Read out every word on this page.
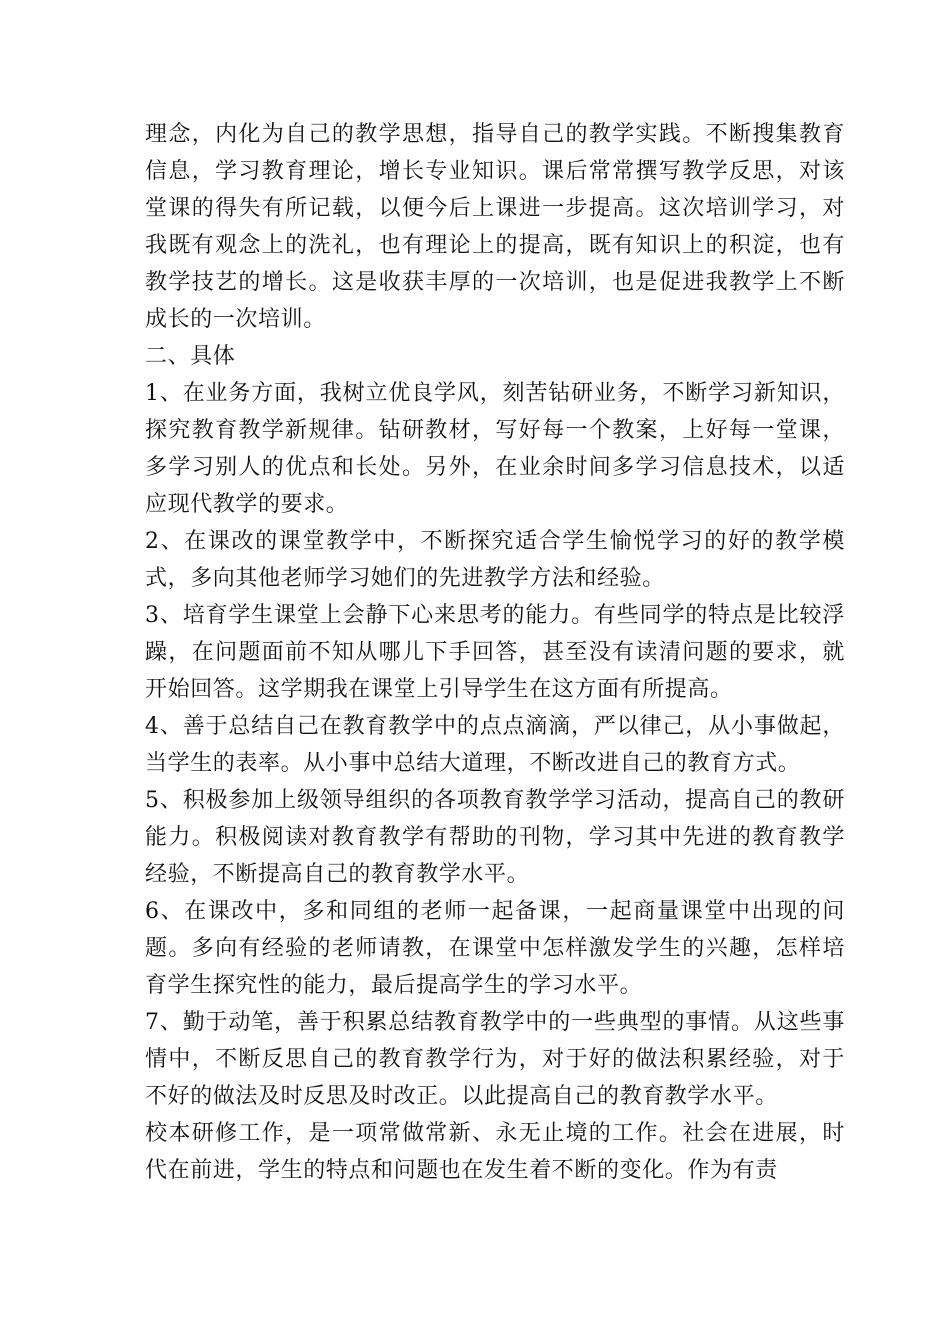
理念，内化为自己的教学思想，指导自己的教学实践。不断搜集教育信息，学习教育理论，增长专业知识。课后常常撰写教学反思，对该堂课的得失有所记载，以便今后上课进一步提高。这次培训学习，对我既有观念上的洗礼，也有理论上的提高，既有知识上的积淀，也有教学技艺的增长。这是收获丰厚的一次培训，也是促进我教学上不断成长的一次培训。

二、具体

1、在业务方面，我树立优良学风，刻苦钻研业务，不断学习新知识，探究教育教学新规律。钻研教材，写好每一个教案，上好每一堂课，多学习别人的优点和长处。另外，在业余时间多学习信息技术，以适应现代教学的要求。

2、在课改的课堂教学中，不断探究适合学生愉悦学习的好的教学模式，多向其他老师学习她们的先进教学方法和经验。

3、培育学生课堂上会静下心来思考的能力。有些同学的特点是比较浮躁，在问题面前不知从哪儿下手回答，甚至没有读清问题的要求，就开始回答。这学期我在课堂上引导学生在这方面有所提高。

4、善于总结自己在教育教学中的点点滴滴，严以律己，从小事做起，当学生的表率。从小事中总结大道理，不断改进自己的教育方式。

5、积极参加上级领导组织的各项教育教学学习活动，提高自己的教研能力。积极阅读对教育教学有帮助的刊物，学习其中先进的教育教学经验，不断提高自己的教育教学水平。

6、在课改中，多和同组的老师一起备课，一起商量课堂中出现的问题。多向有经验的老师请教，在课堂中怎样激发学生的兴趣，怎样培育学生探究性的能力，最后提高学生的学习水平。

7、勤于动笔，善于积累总结教育教学中的一些典型的事情。从这些事情中，不断反思自己的教育教学行为，对于好的做法积累经验，对于不好的做法及时反思及时改正。以此提高自己的教育教学水平。

校本研修工作，是一项常做常新、永无止境的工作。社会在进展，时代在前进，学生的特点和问题也在发生着不断的变化。作为有责
